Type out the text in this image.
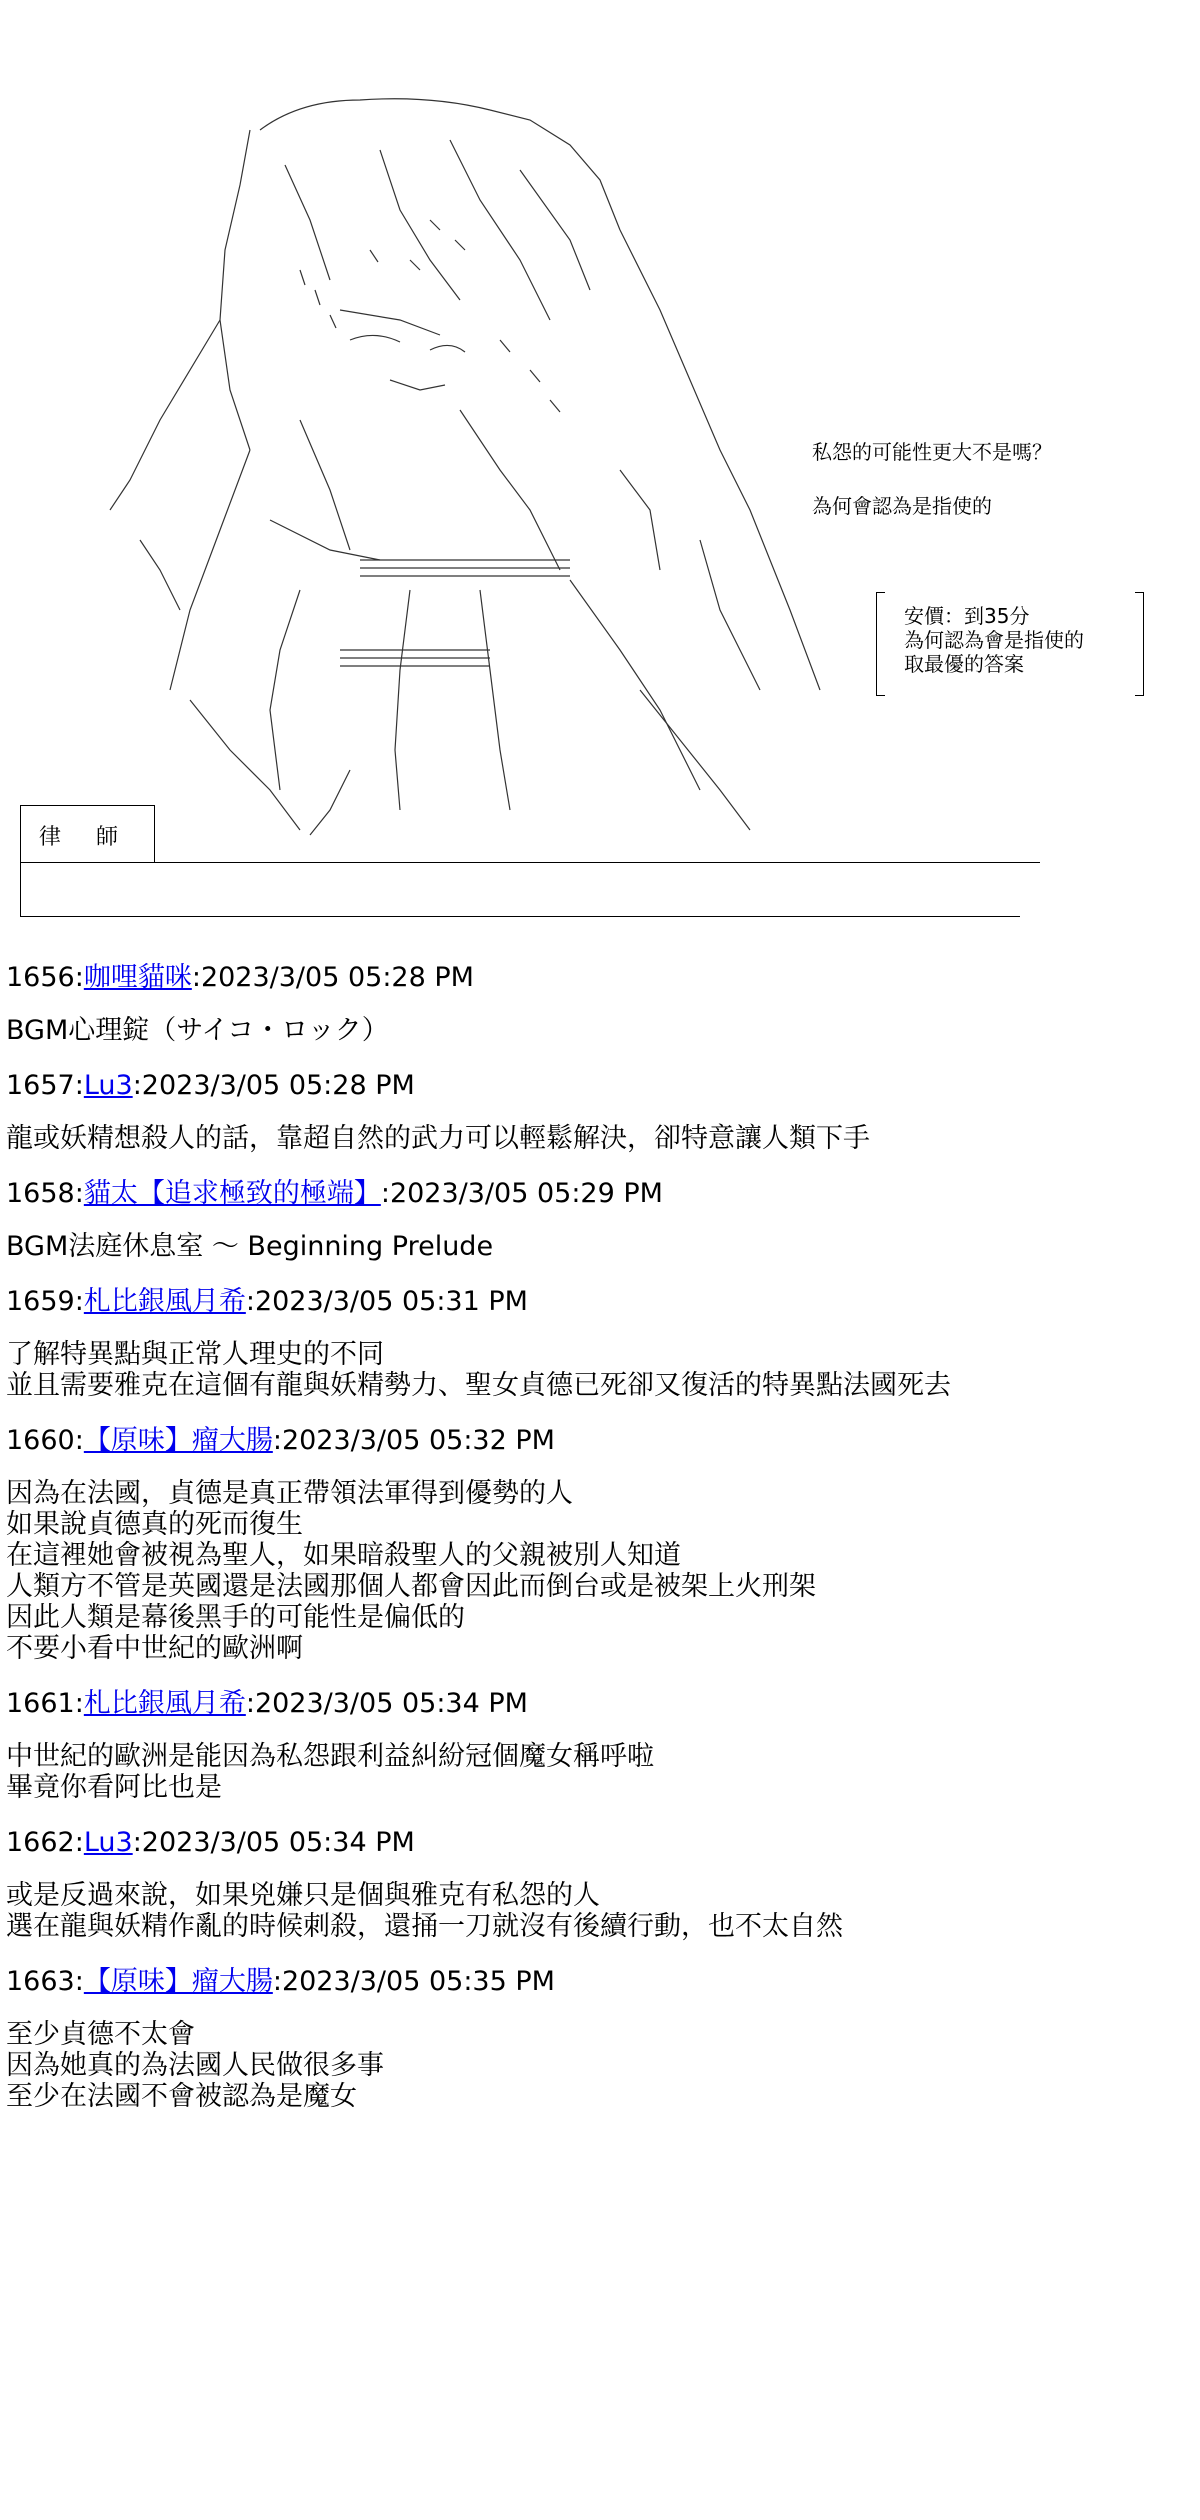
私怨的可能性更大不是嗎？
為何會認為是指使的
安價：到35分
為何認為會是指使的
取最優的答案
律 師
1656:咖哩貓咪:2023/3/05 05:28 PM
BGM心理錠（サイコ・ロック）
1657:Lu3:2023/3/05 05:28 PM
龍或妖精想殺人的話，靠超自然的武力可以輕鬆解決，卻特意讓人類下手
1658:貓太【追求極致的極端】:2023/3/05 05:29 PM
BGM法庭休息室 ～ Beginning Prelude
1659:札比銀風月希:2023/3/05 05:31 PM
了解特異點與正常人理史的不同
並且需要雅克在這個有龍與妖精勢力、聖女貞德已死卻又復活的特異點法國死去
1660:【原味】瘤大腸:2023/3/05 05:32 PM
因為在法國，貞德是真正帶領法軍得到優勢的人
如果說貞德真的死而復生
在這裡她會被視為聖人，如果暗殺聖人的父親被別人知道
人類方不管是英國還是法國那個人都會因此而倒台或是被架上火刑架
因此人類是幕後黑手的可能性是偏低的
不要小看中世紀的歐洲啊
1661:札比銀風月希:2023/3/05 05:34 PM
中世紀的歐洲是能因為私怨跟利益糾紛冠個魔女稱呼啦
畢竟你看阿比也是
1662:Lu3:2023/3/05 05:34 PM
或是反過來說，如果兇嫌只是個與雅克有私怨的人
選在龍與妖精作亂的時候刺殺，還捅一刀就沒有後續行動，也不太自然
1663:【原味】瘤大腸:2023/3/05 05:35 PM
至少貞德不太會
因為她真的為法國人民做很多事
至少在法國不會被認為是魔女
